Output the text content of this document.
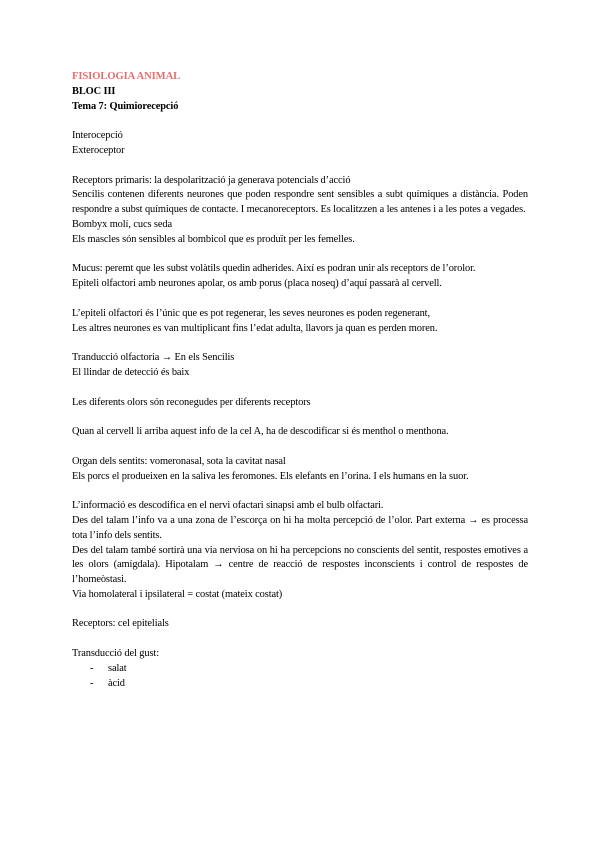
FISIOLOGIA ANIMAL
BLOC III
Tema 7: Quimiorecepció
Interocepció
Exteroceptor
Receptors primaris: la despolarització ja generava potencials d’acció
Sencilis contenen diferents neurones que poden respondre sent sensibles a subt químiques a distància. Poden respondre a subst químiques de contacte. I mecanoreceptors. Es localitzzen a les antenes i a les potes a vegades.
Bombyx molí, cucs seda
Els mascles són sensibles al bombicol que es produït per les femelles.
Mucus: peremt que les subst volàtils quedin adherides. Així es podran unir als receptors de l’orolor.
Epiteli olfactori amb neurones apolar, os amb porus (placa noseq) d’aquí passarà al cervell.
L’epiteli olfactori és l’únic que es pot regenerar, les seves neurones es poden regenerant,
Les altres neurones es van multiplicant fins l’edat adulta, llavors ja quan es perden moren.
Tranducció olfactoria → En els Sencilis
El llindar de detecció és baix
Les diferents olors són reconegudes per diferents receptors
Quan al cervell li arriba aquest info de la cel A, ha de descodificar si és menthol o menthona.
Organ dels sentits: vomeronasal, sota la cavitat nasal
Els porcs el produeixen en la saliva les feromones. Els elefants en l’orina. I els humans en la suor.
L’informació es descodifica en el nervi ofactari sinapsi amb el bulb olfactari.
Des del talam l’info va a una zona de l’escorça on hi ha molta percepció de l’olor. Part externa → es processa tota l’info dels sentits.
Des del talam també sortirà una via nerviosa on hi ha percepcions no conscients del sentit, respostes emotives a les olors (amígdala). Hipotalam → centre de reacció de respostes inconscients i control de respostes de l’homeòstasi.
Via homolateral i ipsilateral = costat (mateix costat)
Receptors: cel epitelials
Transducció del gust:
- salat
- àcid
